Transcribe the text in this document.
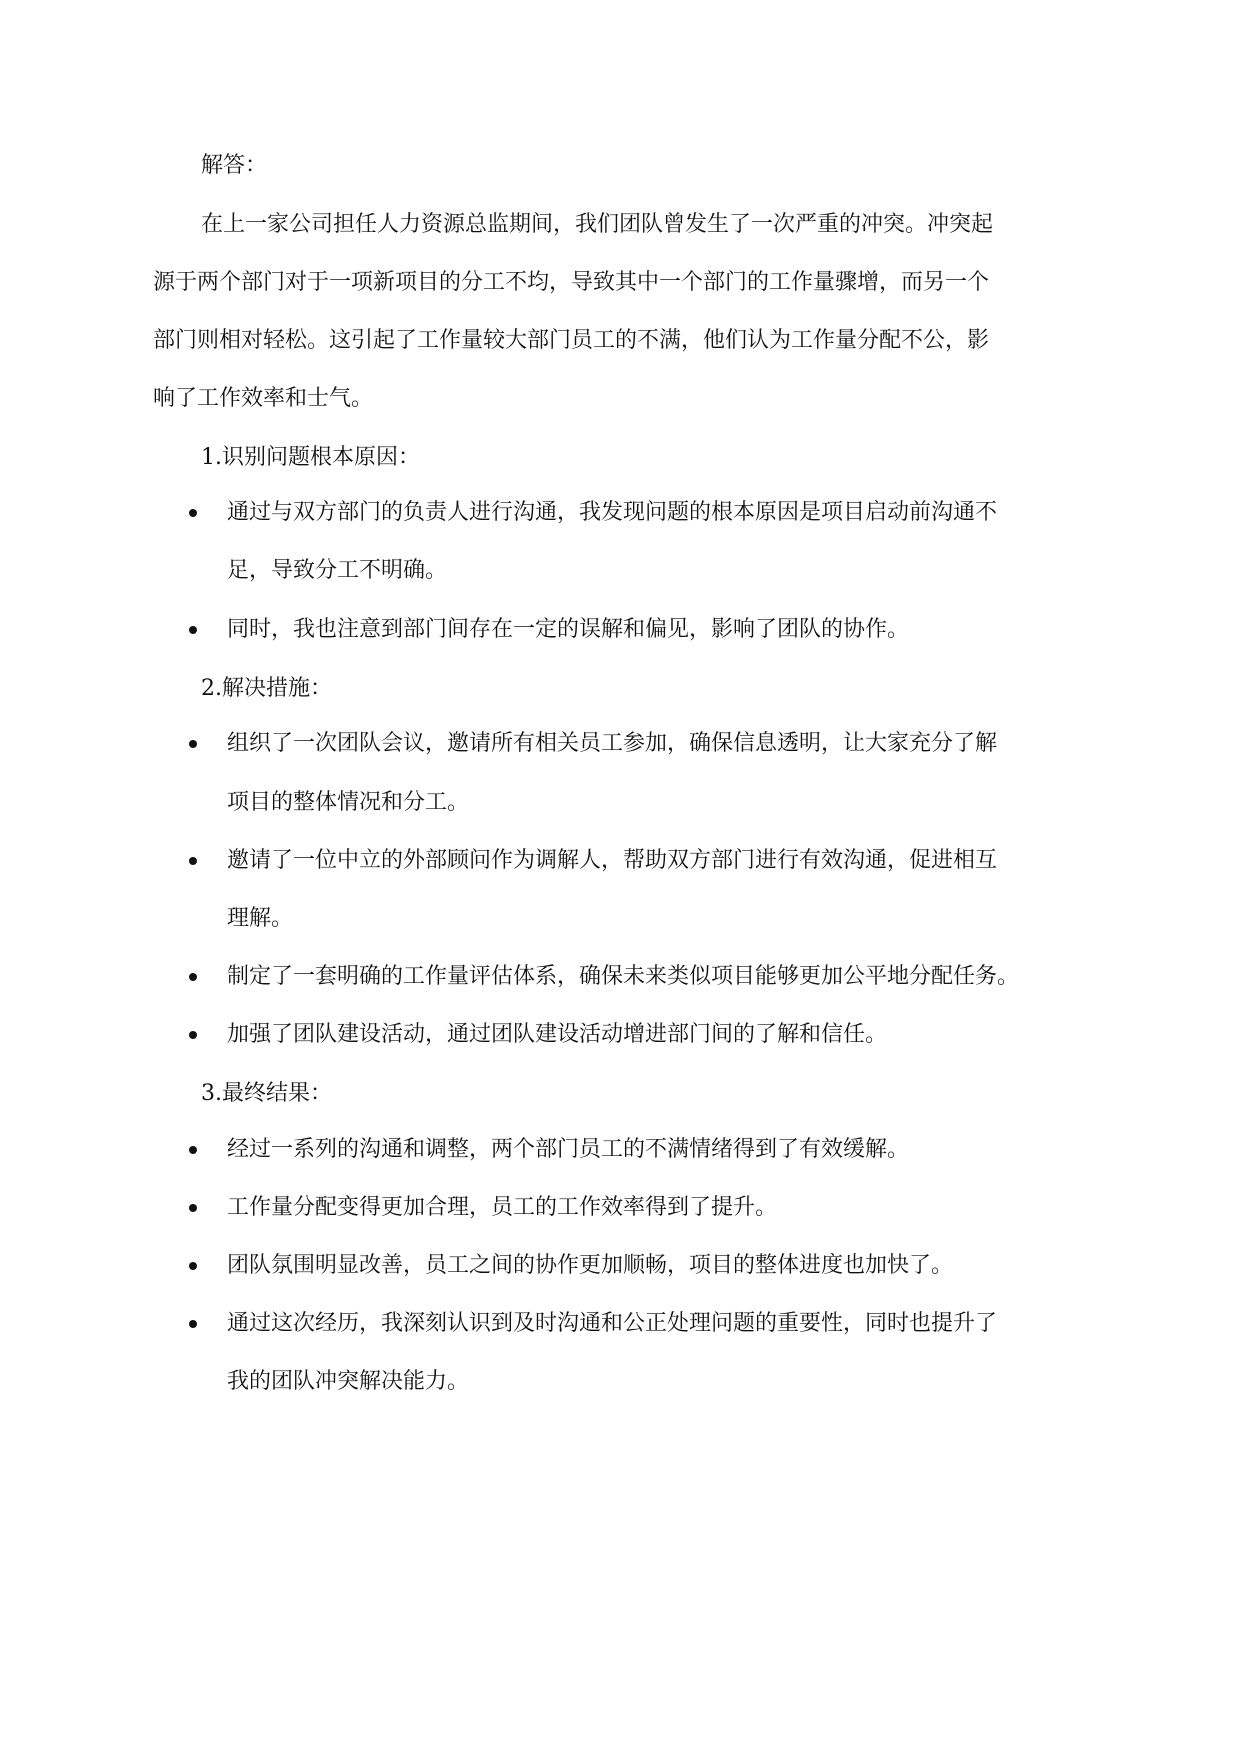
解答：
在上一家公司担任人力资源总监期间，我们团队曾发生了一次严重的冲突。冲突起
源于两个部门对于一项新项目的分工不均，导致其中一个部门的工作量骤增，而另一个
部门则相对轻松。这引起了工作量较大部门员工的不满，他们认为工作量分配不公，影
响了工作效率和士气。
1.识别问题根本原因：
通过与双方部门的负责人进行沟通，我发现问题的根本原因是项目启动前沟通不
足，导致分工不明确。
同时，我也注意到部门间存在一定的误解和偏见，影响了团队的协作。
2.解决措施：
组织了一次团队会议，邀请所有相关员工参加，确保信息透明，让大家充分了解
项目的整体情况和分工。
邀请了一位中立的外部顾问作为调解人，帮助双方部门进行有效沟通，促进相互
理解。
制定了一套明确的工作量评估体系，确保未来类似项目能够更加公平地分配任务。
加强了团队建设活动，通过团队建设活动增进部门间的了解和信任。
3.最终结果：
经过一系列的沟通和调整，两个部门员工的不满情绪得到了有效缓解。
工作量分配变得更加合理，员工的工作效率得到了提升。
团队氛围明显改善，员工之间的协作更加顺畅，项目的整体进度也加快了。
通过这次经历，我深刻认识到及时沟通和公正处理问题的重要性，同时也提升了
我的团队冲突解决能力。
